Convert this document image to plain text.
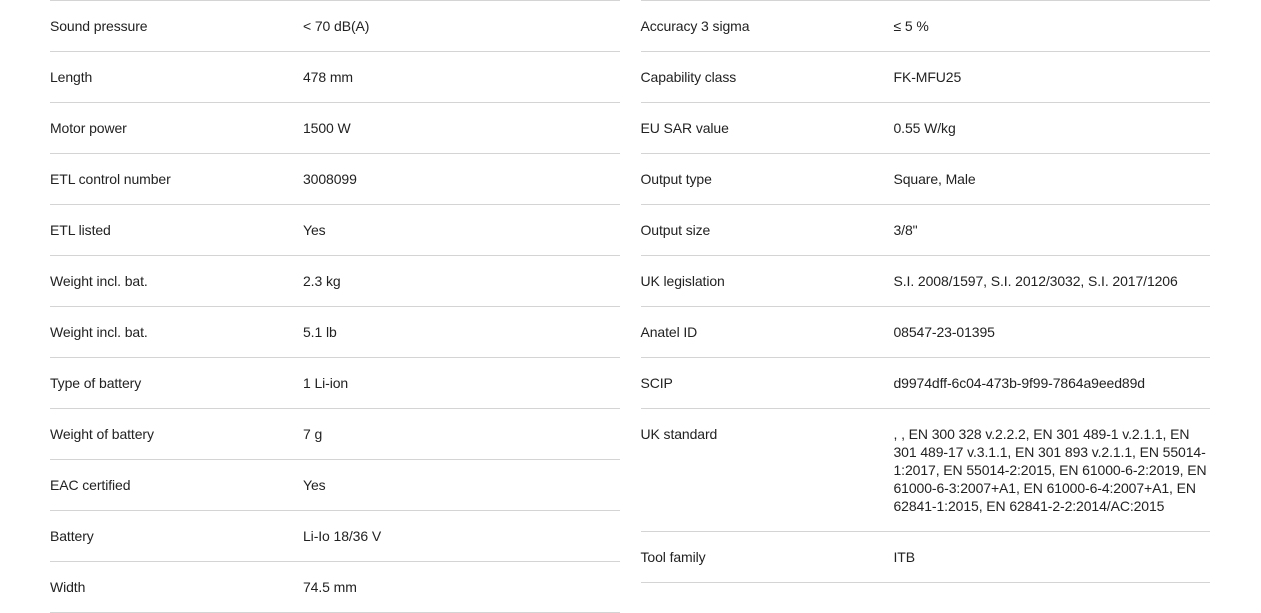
Sound pressure	< 70 dB(A)
Length	478 mm
Motor power	1500 W
ETL control number	3008099
ETL listed	Yes
Weight incl. bat.	2.3 kg
Weight incl. bat.	5.1 lb
Type of battery	1 Li-ion
Weight of battery	7 g
EAC certified	Yes
Battery	Li-Io 18/36 V
Width	74.5 mm
Accuracy 3 sigma	≤ 5 %
Capability class	FK-MFU25
EU SAR value	0.55 W/kg
Output type	Square, Male
Output size	3/8"
UK legislation	S.I. 2008/1597, S.I. 2012/3032, S.I. 2017/1206
Anatel ID	08547-23-01395
SCIP	d9974dff-6c04-473b-9f99-7864a9eed89d
UK standard	, , EN 300 328 v.2.2.2, EN 301 489-1 v.2.1.1, EN 301 489-17 v.3.1.1, EN 301 893 v.2.1.1, EN 55014-1:2017, EN 55014-2:2015, EN 61000-6-2:2019, EN 61000-6-3:2007+A1, EN 61000-6-4:2007+A1, EN 62841-1:2015, EN 62841-2-2:2014/AC:2015
Tool family	ITB
